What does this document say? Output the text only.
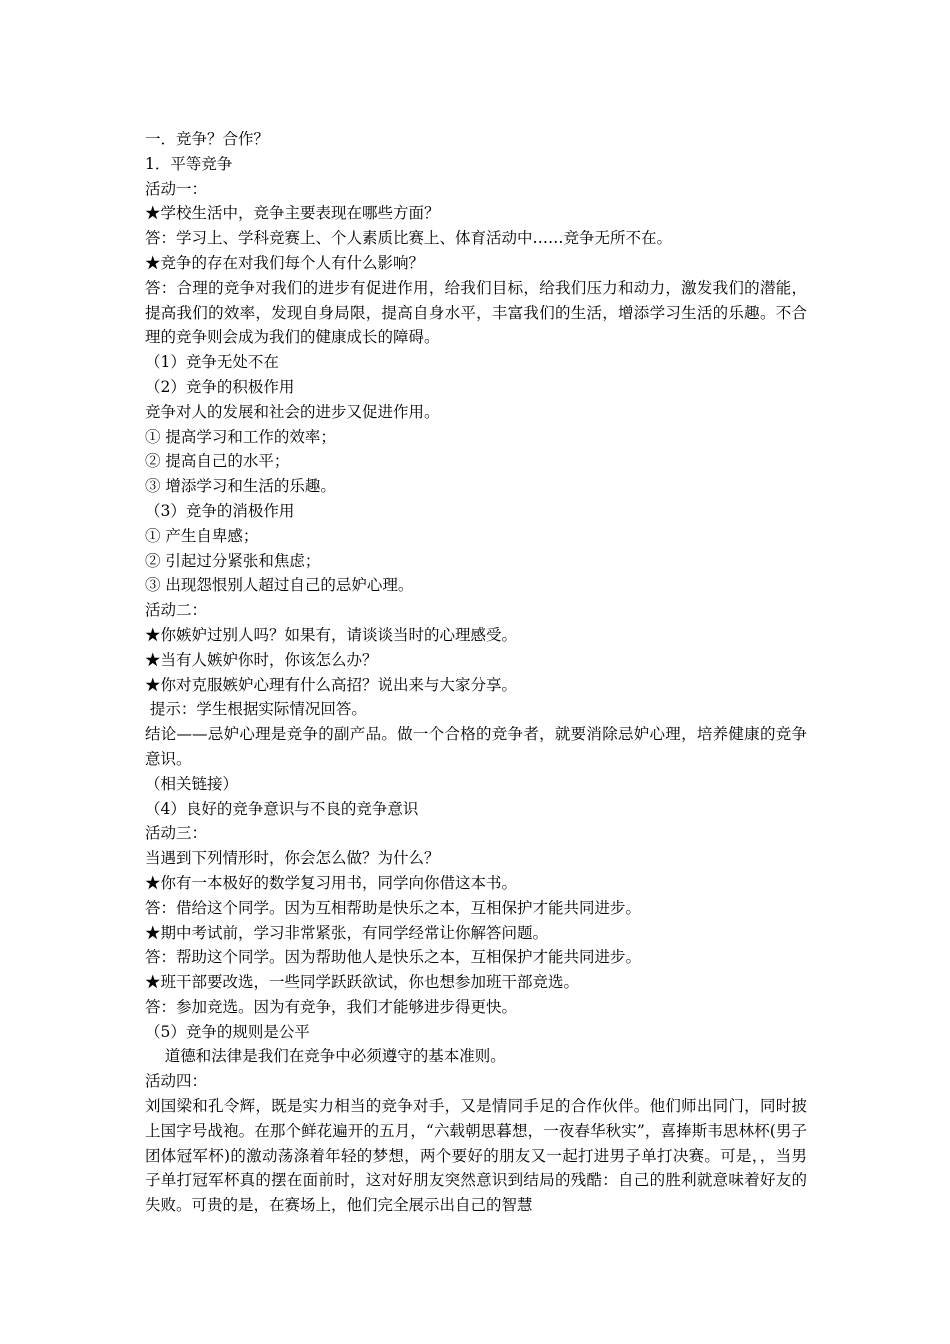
一．竞争？合作？

1．平等竞争

活动一：

★学校生活中，竞争主要表现在哪些方面？

答：学习上、学科竞赛上、个人素质比赛上、体育活动中……竞争无所不在。

★竞争的存在对我们每个人有什么影响？

答：合理的竞争对我们的进步有促进作用，给我们目标，给我们压力和动力，激发我们的潜能，提高我们的效率，发现自身局限，提高自身水平，丰富我们的生活，增添学习生活的乐趣。不合理的竞争则会成为我们的健康成长的障碍。

（1）竞争无处不在

（2）竞争的积极作用

竞争对人的发展和社会的进步又促进作用。

① 提高学习和工作的效率；

② 提高自己的水平；

③ 增添学习和生活的乐趣。

（3）竞争的消极作用

① 产生自卑感；

② 引起过分紧张和焦虑；

③ 出现怨恨别人超过自己的忌妒心理。

活动二：

★你嫉妒过别人吗？如果有，请谈谈当时的心理感受。

★当有人嫉妒你时，你该怎么办？

★你对克服嫉妒心理有什么高招？说出来与大家分享。

提示：学生根据实际情况回答。

结论——忌妒心理是竞争的副产品。做一个合格的竞争者，就要消除忌妒心理，培养健康的竞争意识。

（相关链接）

（4）良好的竞争意识与不良的竞争意识

活动三：

当遇到下列情形时，你会怎么做？为什么？

★你有一本极好的数学复习用书，同学向你借这本书。

答：借给这个同学。因为互相帮助是快乐之本，互相保护才能共同进步。

★期中考试前，学习非常紧张，有同学经常让你解答问题。

答：帮助这个同学。因为帮助他人是快乐之本，互相保护才能共同进步。

★班干部要改选，一些同学跃跃欲试，你也想参加班干部竞选。

答：参加竞选。因为有竞争，我们才能够进步得更快。

（5）竞争的规则是公平

道德和法律是我们在竞争中必须遵守的基本准则。

活动四：

刘国梁和孔令辉，既是实力相当的竞争对手，又是情同手足的合作伙伴。他们师出同门，同时披上国字号战袍。在那个鲜花遍开的五月，“六载朝思暮想，一夜春华秋实”，喜捧斯韦思林杯(男子团体冠军杯)的激动荡涤着年轻的梦想，两个要好的朋友又一起打进男子单打决赛。可是，，当男子单打冠军杯真的摆在面前时，这对好朋友突然意识到结局的残酷：自己的胜利就意味着好友的失败。可贵的是，在赛场上，他们完全展示出自己的智慧
